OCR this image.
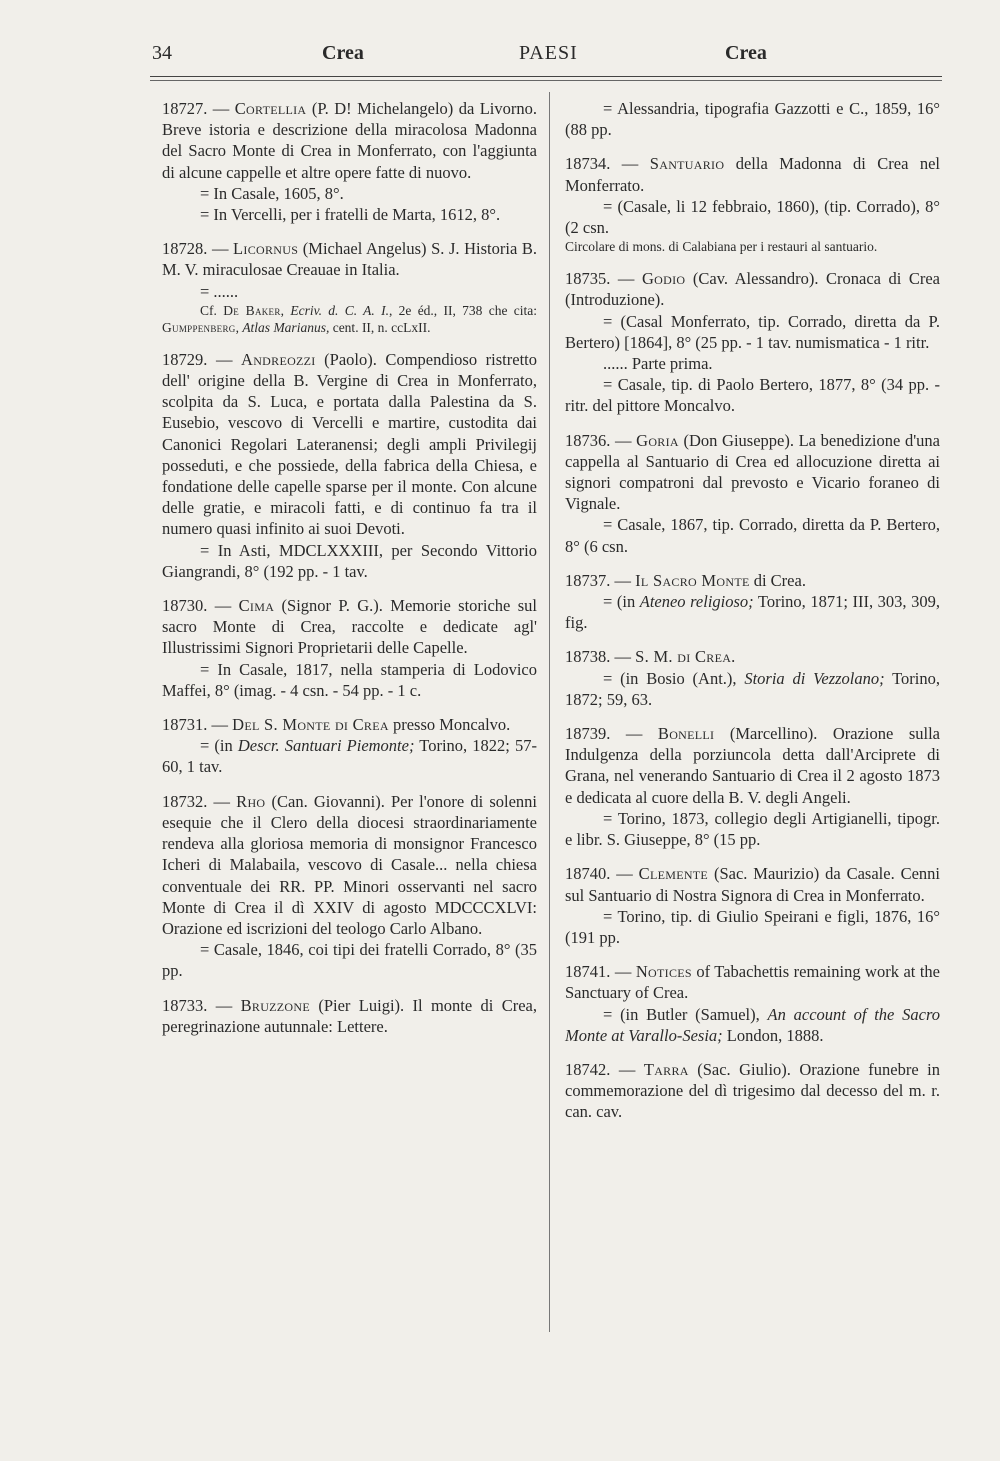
34	Crea	PAESI	Crea

18727. — Cortellia (P. D! Michelangelo) da Livorno. Breve istoria e descrizione della miracolosa Madonna del Sacro Monte di Crea in Monferrato, con l'aggiunta di alcune cappelle et altre opere fatte di nuovo.

= In Casale, 1605, 8°.

= In Vercelli, per i fratelli de Marta, 1612, 8°.

18728. — Licornus (Michael Angelus) S. J. Historia B. M. V. miraculosae Creauae in Italia.

= ......

Cf. De Baker, Ecriv. d. C. A. I., 2e éd., II, 738 che cita: Gumppenberg, Atlas Marianus, cent. II, n. ccLxII.

18729. — Andreozzi (Paolo). Compendioso ristretto dell' origine della B. Vergine di Crea in Monferrato, scolpita da S. Luca, e portata dalla Palestina da S. Eusebio, vescovo di Vercelli e martire, custodita dai Canonici Regolari Lateranensi; degli ampli Privilegij posseduti, e che possiede, della fabrica della Chiesa, e fondatione delle capelle sparse per il monte. Con alcune delle gratie, e miracoli fatti, e di continuo fa tra il numero quasi infinito ai suoi Devoti.

= In Asti, MDCLXXXIII, per Secondo Vittorio Giangrandi, 8° (192 pp. - 1 tav.

18730. — Cima (Signor P. G.). Memorie storiche sul sacro Monte di Crea, raccolte e dedicate agl' Illustrissimi Signori Proprietarii delle Capelle.

= In Casale, 1817, nella stamperia di Lodovico Maffei, 8° (imag. - 4 csn. - 54 pp. - 1 c.

18731. — Del S. Monte di Crea presso Moncalvo.

= (in Descr. Santuari Piemonte; Torino, 1822; 57-60, 1 tav.

18732. — Rho (Can. Giovanni). Per l'onore di solenni esequie che il Clero della diocesi straordinariamente rendeva alla gloriosa memoria di monsignor Francesco Icheri di Malabaila, vescovo di Casale... nella chiesa conventuale dei RR. PP. Minori osservanti nel sacro Monte di Crea il dì XXIV di agosto MDCCCXLVI: Orazione ed iscrizioni del teologo Carlo Albano.

= Casale, 1846, coi tipi dei fratelli Corrado, 8° (35 pp.

18733. — Bruzzone (Pier Luigi). Il monte di Crea, peregrinazione autunnale: Lettere.

= Alessandria, tipografia Gazzotti e C., 1859, 16° (88 pp.

18734. — Santuario della Madonna di Crea nel Monferrato.

= (Casale, li 12 febbraio, 1860), (tip. Corrado), 8° (2 csn.

Circolare di mons. di Calabiana per i restauri al santuario.

18735. — Godio (Cav. Alessandro). Cronaca di Crea (Introduzione).

= (Casal Monferrato, tip. Corrado, diretta da P. Bertero) [1864], 8° (25 pp. - 1 tav. numismatica - 1 ritr.

...... Parte prima.

= Casale, tip. di Paolo Bertero, 1877, 8° (34 pp. - ritr. del pittore Moncalvo.

18736. — Goria (Don Giuseppe). La benedizione d'una cappella al Santuario di Crea ed allocuzione diretta ai signori compatroni dal prevosto e Vicario foraneo di Vignale.

= Casale, 1867, tip. Corrado, diretta da P. Bertero, 8° (6 csn.

18737. — Il Sacro Monte di Crea.

= (in Ateneo religioso; Torino, 1871; III, 303, 309, fig.

18738. — S. M. di Crea.

= (in Bosio (Ant.), Storia di Vezzolano; Torino, 1872; 59, 63.

18739. — Bonelli (Marcellino). Orazione sulla Indulgenza della porziuncola detta dall'Arciprete di Grana, nel venerando Santuario di Crea il 2 agosto 1873 e dedicata al cuore della B. V. degli Angeli.

= Torino, 1873, collegio degli Artigianelli, tipogr. e libr. S. Giuseppe, 8° (15 pp.

18740. — Clemente (Sac. Maurizio) da Casale. Cenni sul Santuario di Nostra Signora di Crea in Monferrato.

= Torino, tip. di Giulio Speirani e figli, 1876, 16° (191 pp.

18741. — Notices of Tabachettis remaining work at the Sanctuary of Crea.

= (in Butler (Samuel), An account of the Sacro Monte at Varallo-Sesia; London, 1888.

18742. — Tarra (Sac. Giulio). Orazione funebre in commemorazione del dì trigesimo dal decesso del m. r. can. cav.
